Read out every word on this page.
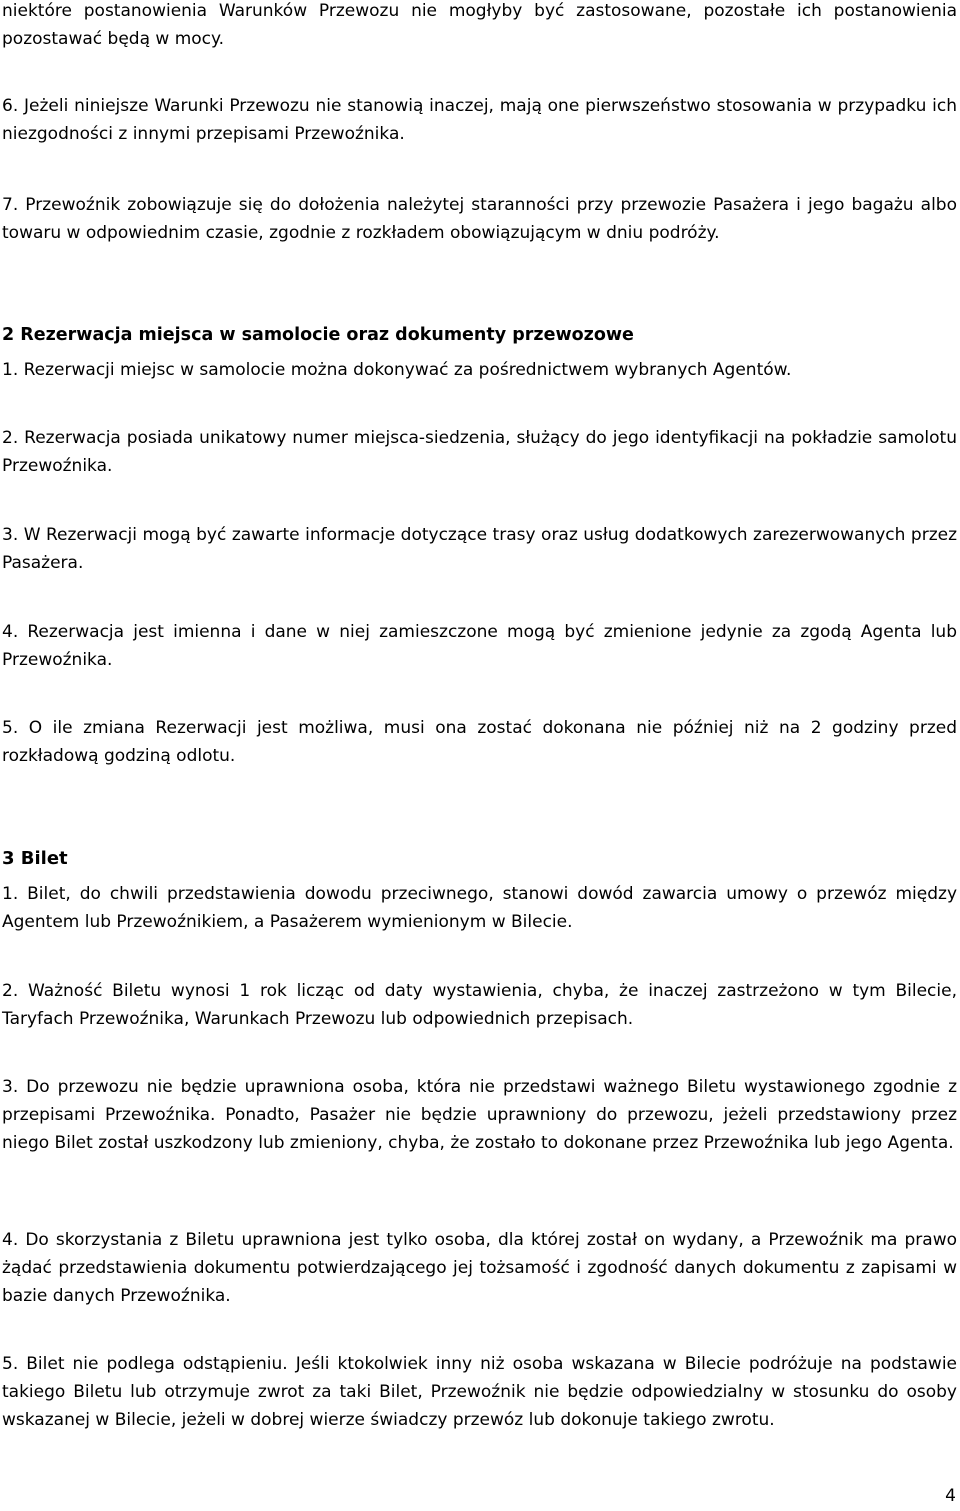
niektóre postanowienia Warunków Przewozu nie mogłyby być zastosowane, pozostałe ich postanowienia pozostawać będą w mocy.

6. Jeżeli niniejsze Warunki Przewozu nie stanowią inaczej, mają one pierwszeństwo stosowania w przypadku ich niezgodności z innymi przepisami Przewoźnika.

7. Przewoźnik zobowiązuje się do dołożenia należytej staranności przy przewozie Pasażera i jego bagażu albo towaru w odpowiednim czasie, zgodnie z rozkładem obowiązującym w dniu podróży.

2 Rezerwacja miejsca w samolocie oraz dokumenty przewozowe

1. Rezerwacji miejsc w samolocie można dokonywać za pośrednictwem wybranych Agentów.

2. Rezerwacja posiada unikatowy numer miejsca-siedzenia, służący do jego identyfikacji na pokładzie samolotu Przewoźnika.

3. W Rezerwacji mogą być zawarte informacje dotyczące trasy oraz usług dodatkowych zarezerwowanych przez Pasażera.

4. Rezerwacja jest imienna i dane w niej zamieszczone mogą być zmienione jedynie za zgodą Agenta lub Przewoźnika.

5. O ile zmiana Rezerwacji jest możliwa, musi ona zostać dokonana nie później niż na 2 godziny przed rozkładową godziną odlotu.

3 Bilet

1. Bilet, do chwili przedstawienia dowodu przeciwnego, stanowi dowód zawarcia umowy o przewóz między Agentem lub Przewoźnikiem, a Pasażerem wymienionym w Bilecie.

2. Ważność Biletu wynosi 1 rok licząc od daty wystawienia, chyba, że inaczej zastrzeżono w tym Bilecie, Taryfach Przewoźnika, Warunkach Przewozu lub odpowiednich przepisach.

3. Do przewozu nie będzie uprawniona osoba, która nie przedstawi ważnego Biletu wystawionego zgodnie z przepisami Przewoźnika. Ponadto, Pasażer nie będzie uprawniony do przewozu, jeżeli przedstawiony przez niego Bilet został uszkodzony lub zmieniony, chyba, że zostało to dokonane przez Przewoźnika lub jego Agenta.

4. Do skorzystania z Biletu uprawniona jest tylko osoba, dla której został on wydany, a Przewoźnik ma prawo żądać przedstawienia dokumentu potwierdzającego jej tożsamość i zgodność danych dokumentu z zapisami w bazie danych Przewoźnika.

5. Bilet nie podlega odstąpieniu. Jeśli ktokolwiek inny niż osoba wskazana w Bilecie podróżuje na podstawie takiego Biletu lub otrzymuje zwrot za taki Bilet, Przewoźnik nie będzie odpowiedzialny w stosunku do osoby wskazanej w Bilecie, jeżeli w dobrej wierze świadczy przewóz lub dokonuje takiego zwrotu.

4
